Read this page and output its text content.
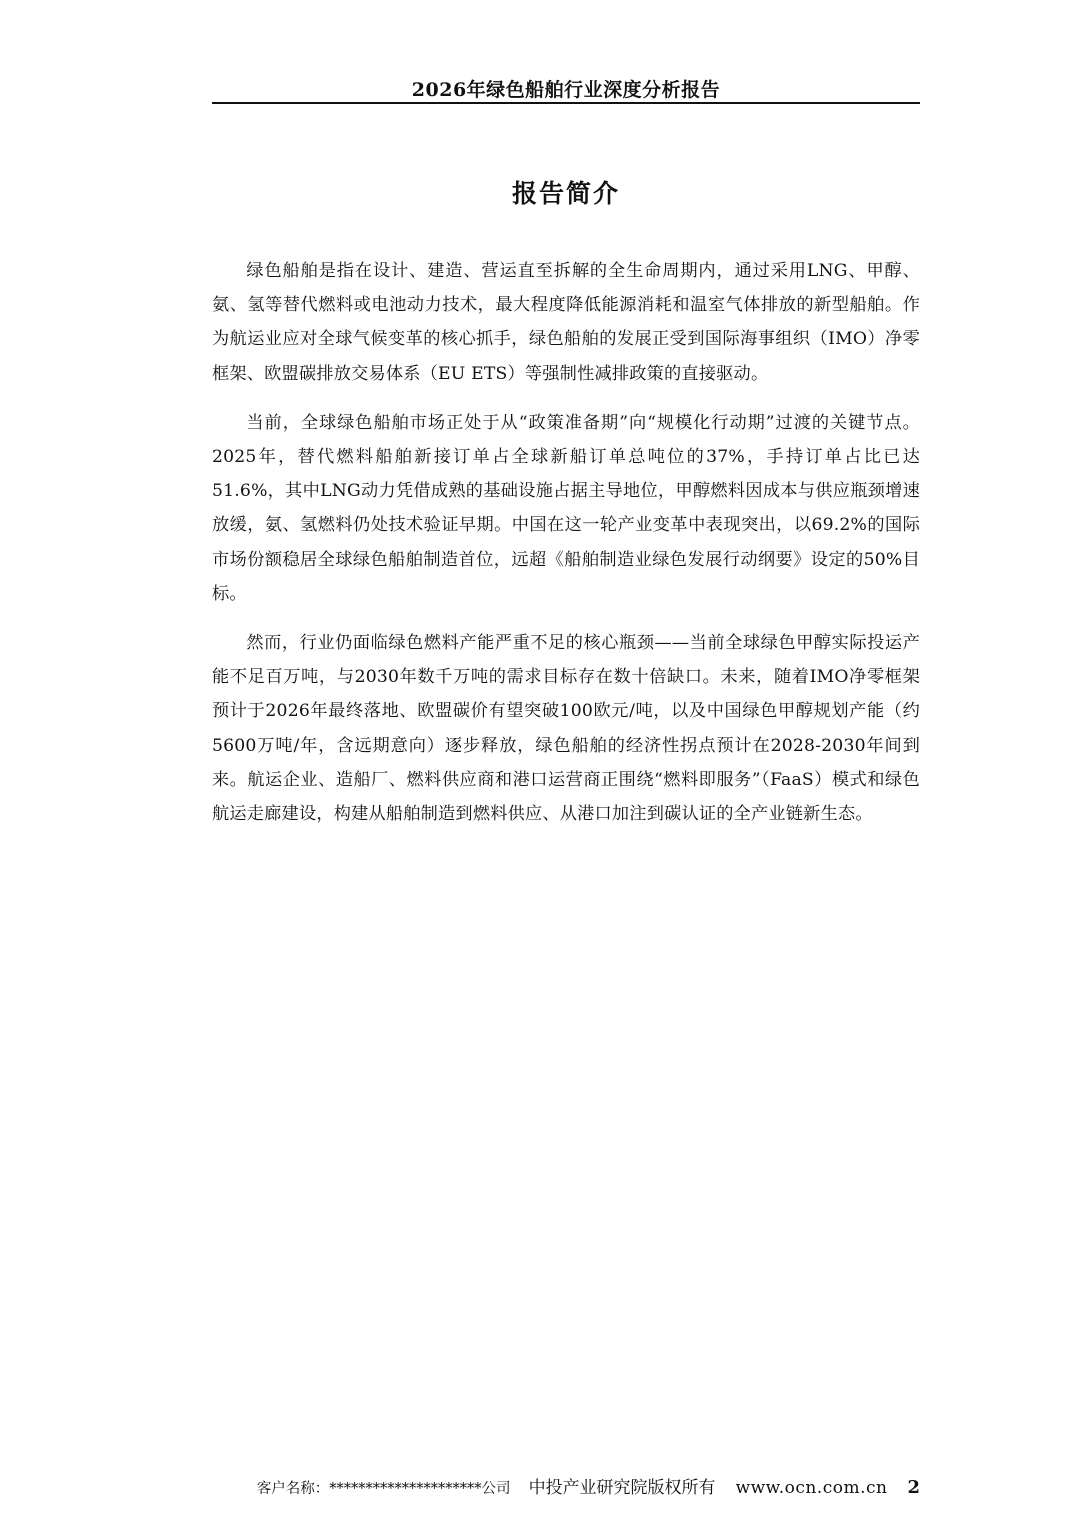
2026年绿色船舶行业深度分析报告
报告简介

绿色船舶是指在设计、建造、营运直至拆解的全生命周期内，通过采用LNG、甲醇、氨、氢等替代燃料或电池动力技术，最大程度降低能源消耗和温室气体排放的新型船舶。作为航运业应对全球气候变革的核心抓手，绿色船舶的发展正受到国际海事组织（IMO）净零框架、欧盟碳排放交易体系（EU ETS）等强制性减排政策的直接驱动。

当前，全球绿色船舶市场正处于从“政策准备期”向“规模化行动期”过渡的关键节点。2025年，替代燃料船舶新接订单占全球新船订单总吨位的37%，手持订单占比已达51.6%，其中LNG动力凭借成熟的基础设施占据主导地位，甲醇燃料因成本与供应瓶颈增速放缓，氨、氢燃料仍处技术验证早期。中国在这一轮产业变革中表现突出，以69.2%的国际市场份额稳居全球绿色船舶制造首位，远超《船舶制造业绿色发展行动纲要》设定的50%目标。

然而，行业仍面临绿色燃料产能严重不足的核心瓶颈——当前全球绿色甲醇实际投运产能不足百万吨，与2030年数千万吨的需求目标存在数十倍缺口。未来，随着IMO净零框架预计于2026年最终落地、欧盟碳价有望突破100欧元/吨，以及中国绿色甲醇规划产能（约5600万吨/年，含远期意向）逐步释放，绿色船舶的经济性拐点预计在2028-2030年间到来。航运企业、造船厂、燃料供应商和港口运营商正围绕“燃料即服务”（FaaS）模式和绿色航运走廊建设，构建从船舶制造到燃料供应、从港口加注到碳认证的全产业链新生态。

客户名称：*********************公司 中投产业研究院版权所有 www.ocn.com.cn 2
